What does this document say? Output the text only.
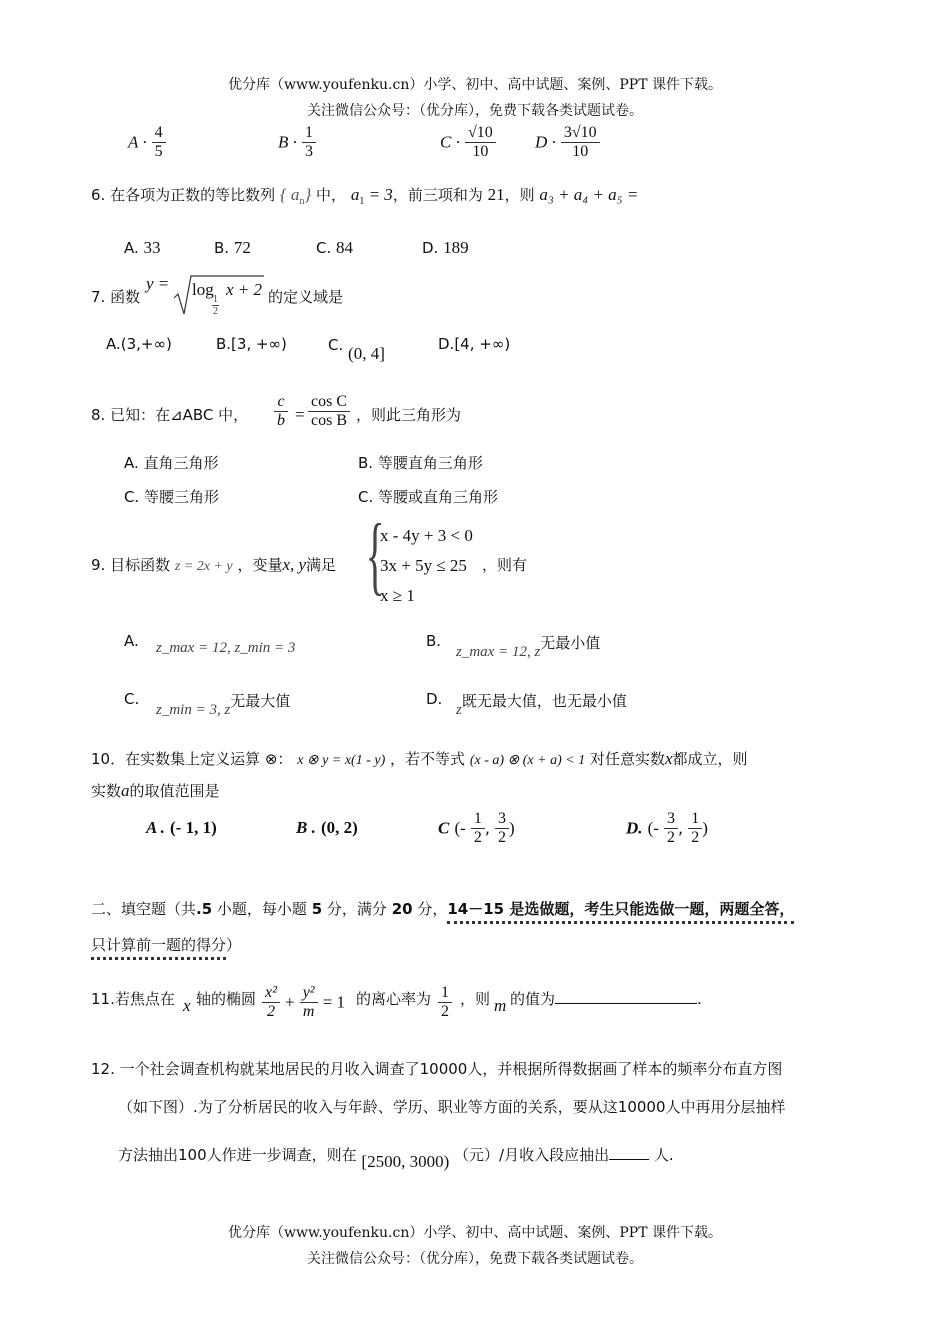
优分库（www.youfenku.cn）小学、初中、高中试题、案例、PPT 课件下载。
关注微信公众号：（优分库），免费下载各类试题试卷。
$A \cdot \frac{4}{5}$	$B \cdot \frac{1}{3}$	$C \cdot \frac{√10}{10}$ $D \cdot \frac{3√10}{10}$
6. 在各项为正数的等比数列 { $a_n$} 中， $a_1 = 3$，前三项和为 21，则 a₃ + a₄ + a₅ =
A. 33	B. 72	C. 84	D. 189
7. 函数
y = log
1
2
x + 2 的定义域是
A.(3,+∞)	B.[3, +∞)	C. (0, 4]	D.[4, +∞)
8. 已知：在⊿ABC 中， $\frac{c}{b} = \frac{\text{cos C}}{\text{cos B}}$ ，则此三角形为
A. 直角三角形	B. 等腰直角三角形
C. 等腰三角形	C. 等腰或直角三角形
9. 目标函数 z = 2x + y ，变量x, y满足 {
x - 4y + 3 < 0
3x + 5y ≤ 25
x ≥ 1
，则有
A. z_max = 12, z_min = 3	B.
z_max = 12, z无最小值
C.
z_min = 3, z无最大值	D.
z既无最大值，也无最小值
10．在实数集上定义运算 ⊗： x ⊗ y = x(1 - y) ，若不等式 (x - a) ⊗ (x + a) < 1 对任意实数x都成立，则
实数a的取值范围是
A . (- 1, 1)	B . (0, 2)	C (- $\frac{1}{2}$ , $\frac{3}{2}$ )	D. (- $\frac{3}{2}$ , $\frac{1}{2}$ )
二、填空题（共.5 小题，每小题 5 分，满分 20 分，14－15 是选做题，考生只能选做一题，两题全答，
只计算前一题的得分）
11.若焦点在 x 轴的椭圆 $\frac{\text{x²}}{2} + \frac{\text{y²}}{m} = 1$ 的离心率为 $\frac{1}{2}$ ，则 m 的值为	.
12. 一个社会调查机构就某地居民的月收入调查了10000人，并根据所得数据画了样本的频率分布直方图
（如下图）.为了分析居民的收入与年龄、学历、职业等方面的关系，要从这10000人中再用分层抽样
方法抽出100人作进一步调查，则在 [2500, 3000) （元）/月收入段应抽出	人.
优分库（www.youfenku.cn）小学、初中、高中试题、案例、PPT 课件下载。
关注微信公众号：（优分库），免费下载各类试题试卷。
